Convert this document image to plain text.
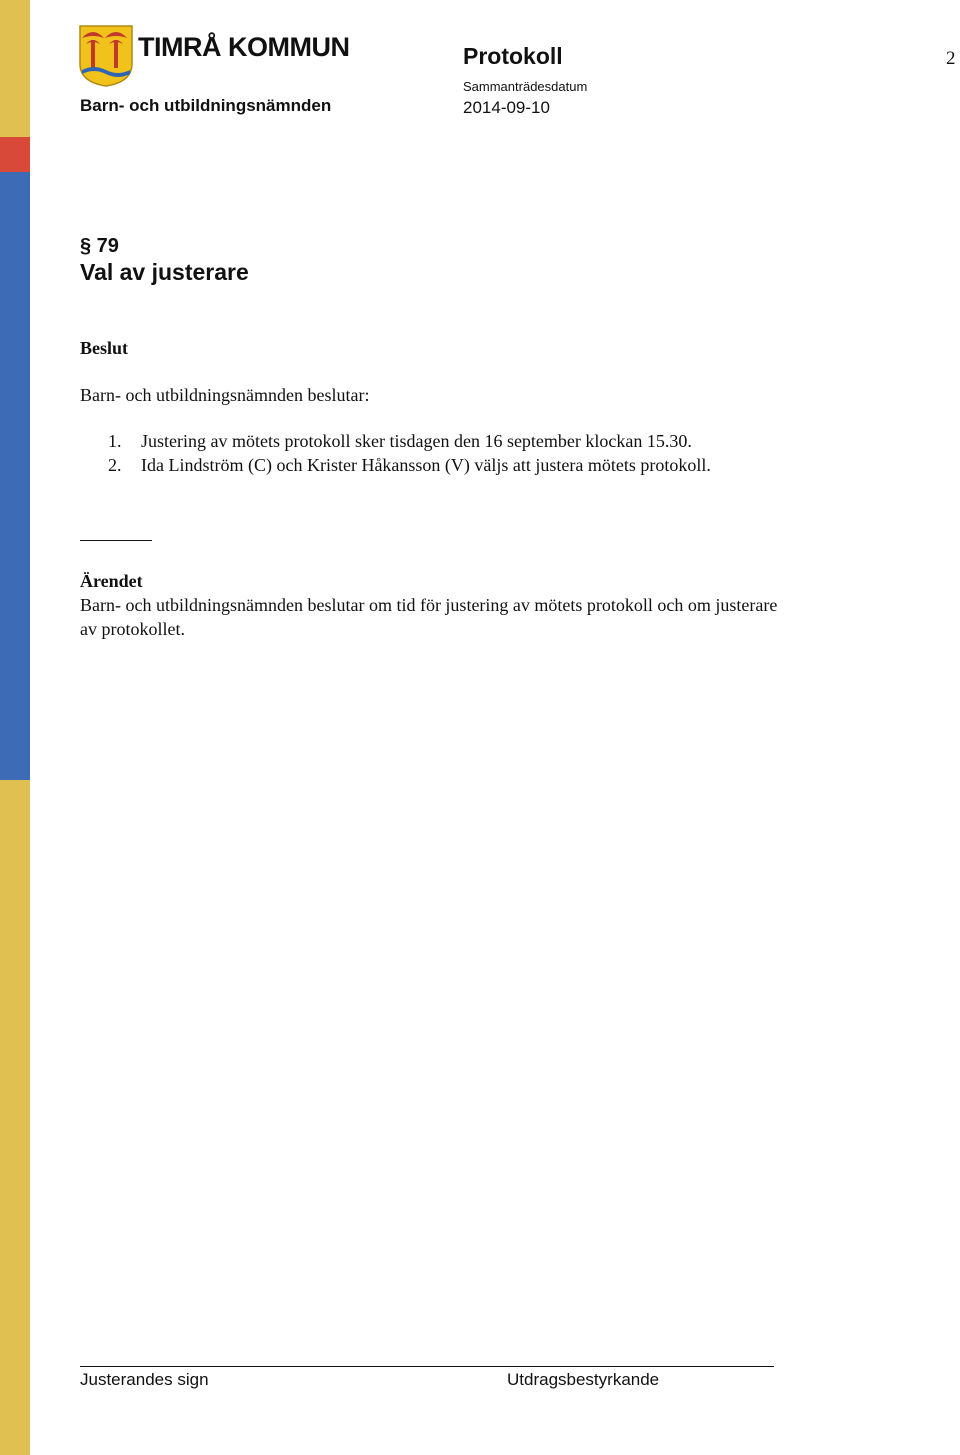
TIMRÅ KOMMUN
Barn- och utbildningsnämnden
Protokoll
Sammanträdesdatum
2014-09-10
2
§ 79
Val av justerare
Beslut
Barn- och utbildningsnämnden beslutar:
1.	Justering av mötets protokoll sker tisdagen den 16 september klockan 15.30.
2.	Ida Lindström (C) och Krister Håkansson (V) väljs att justera mötets protokoll.
Ärendet
Barn- och utbildningsnämnden beslutar om tid för justering av mötets protokoll och om justerare av protokollet.
Justerandes sign	Utdragsbestyrkande
